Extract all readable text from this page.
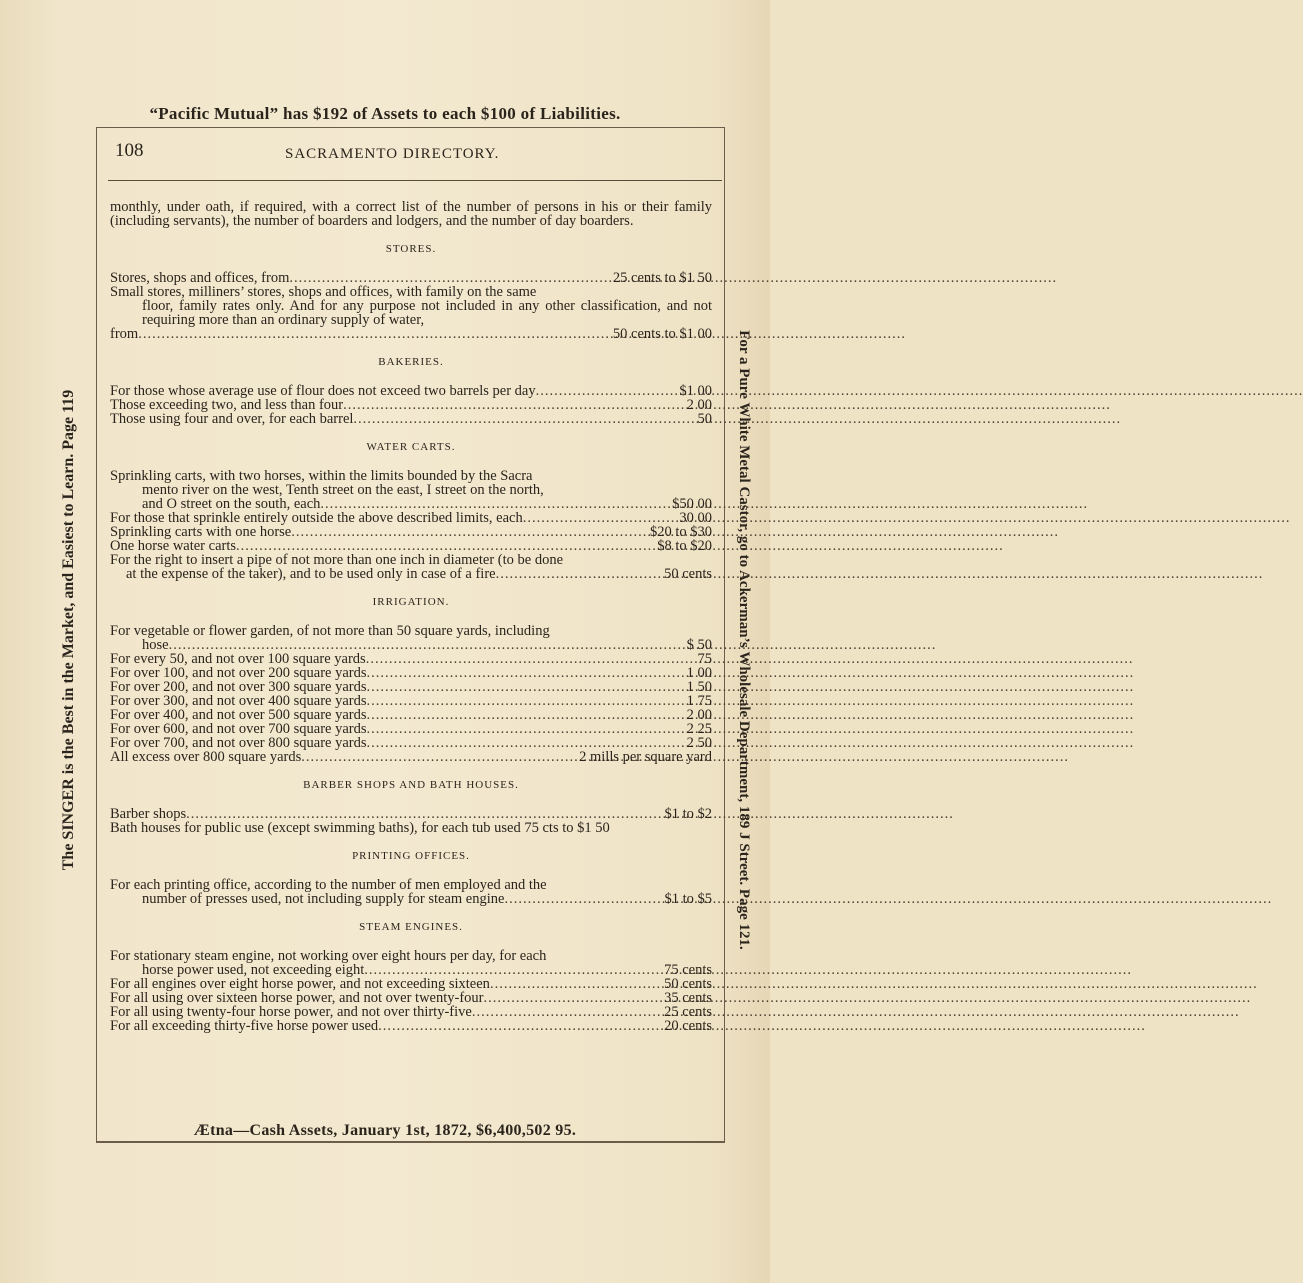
“Pacific Mutual” has $192 of Assets to each $100 of Liabilities.
The SINGER is the Best in the Market, and Easiest to Learn. Page 119	For a Pure White Metal Castor, go to Ackerman’s Wholesale Department, 189 J Street. Page 121.
108	SACRAMENTO DIRECTORY.

monthly, under oath, if required, with a correct list of the number of persons in his or their family (including servants), the number of boarders and lodgers, and the number of day boarders.

STORES.
Stores, shops and offices, from .....	25 cents to $1 50
Small stores, milliners’ stores, shops and offices, with family on the same
floor, family rates only. And for any purpose not included in any other classification, and not requiring more than an ordinary supply of water,
from .....	50 cents to $1 00
BAKERIES.
For those whose average use of flour does not exceed two barrels per day .....	$1 00
Those exceeding two, and less than four .....	2 00
Those using four and over, for each barrel .....	50
WATER CARTS.
Sprinkling carts, with two horses, within the limits bounded by the Sacra
mento river on the west, Tenth street on the east, I street on the north,
and O street on the south, each .....	$50 00
For those that sprinkle entirely outside the above described limits, each .....	30 00
Sprinkling carts with one horse .....	$20 to $30
One horse water carts .....	$8 to $20
For the right to insert a pipe of not more than one inch in diameter (to be done
at the expense of the taker), and to be used only in case of a fire .....	50 cents
IRRIGATION.
For vegetable or flower garden, of not more than 50 square yards, including
hose .....	$ 50
For every 50, and not over 100 square yards .....	75
For over 100, and not over 200 square yards .....	1 00
For over 200, and not over 300 square yards .....	1 50
For over 300, and not over 400 square yards .....	1 75
For over 400, and not over 500 square yards .....	2 00
For over 600, and not over 700 square yards .....	2 25
For over 700, and not over 800 square yards .....	2 50
All excess over 800 square yards .....	2 mills per square yard
BARBER SHOPS AND BATH HOUSES.
Barber shops .....	$1 to $2
Bath houses for public use (except swimming baths), for each tub used 75 cts to $1 50
PRINTING OFFICES.
For each printing office, according to the number of men employed and the
number of presses used, not including supply for steam engine .....	$1 to $5
STEAM ENGINES.
For stationary steam engine, not working over eight hours per day, for each
horse power used, not exceeding eight .....	75 cents
For all engines over eight horse power, and not exceeding sixteen .....	50 cents
For all using over sixteen horse power, and not over twenty-four .....	35 cents
For all using twenty-four horse power, and not over thirty-five .....	25 cents
For all exceeding thirty-five horse power used .....	20 cents
Ætna—Cash Assets, January 1st, 1872, $6,400,502 95.
